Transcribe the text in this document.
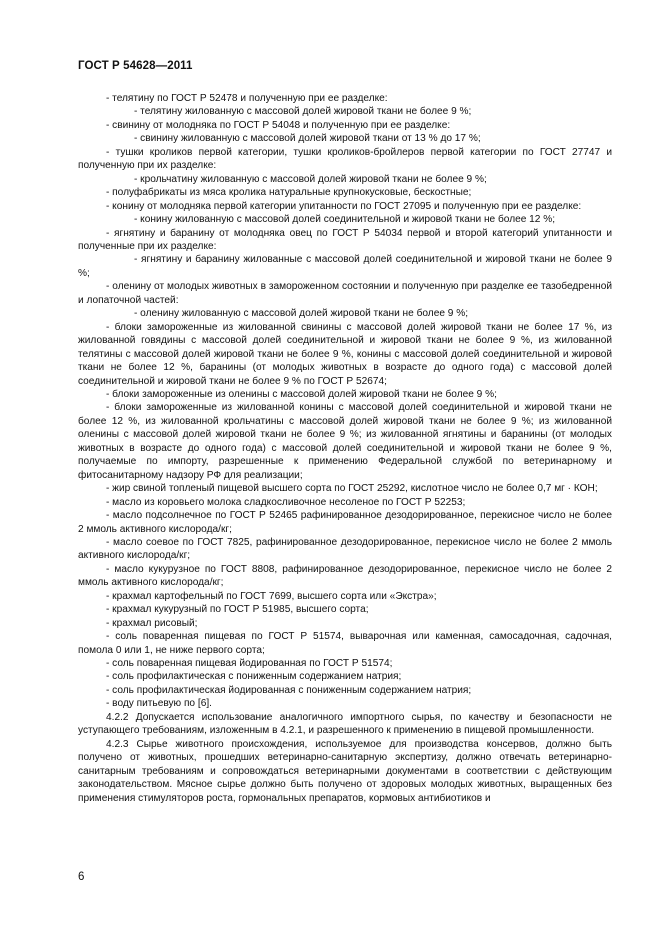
ГОСТ Р 54628—2011

- телятину по ГОСТ Р 52478 и полученную при ее разделке:

- телятину жилованную с массовой долей жировой ткани не более 9 %;

- свинину от молодняка по ГОСТ Р 54048 и полученную при ее разделке:

- свинину жилованную с массовой долей жировой ткани от 13 % до 17 %;

- тушки кроликов первой категории, тушки кроликов-бройлеров первой категории по ГОСТ 27747 и полученную при их разделке:

- крольчатину жилованную с массовой долей жировой ткани не более 9 %;

- полуфабрикаты из мяса кролика натуральные крупнокусковые, бескостные;

- конину от молодняка первой категории упитанности по ГОСТ 27095 и полученную при ее разделке:

- конину жилованную с массовой долей соединительной и жировой ткани не более 12 %;

- ягнятину и баранину от молодняка овец по ГОСТ Р 54034 первой и второй категорий упитанности и полученные при их разделке:

- ягнятину и баранину жилованные с массовой долей соединительной и жировой ткани не более 9 %;

- оленину от молодых животных в замороженном состоянии и полученную при разделке ее тазобедренной и лопаточной частей:

- оленину жилованную с массовой долей жировой ткани не более 9 %;

- блоки замороженные из жилованной свинины с массовой долей жировой ткани не более 17 %, из жилованной говядины с массовой долей соединительной и жировой ткани не более 9 %, из жилованной телятины с массовой долей жировой ткани не более 9 %, конины с массовой долей соединительной и жировой ткани не более 12 %, баранины (от молодых животных в возрасте до одного года) с массовой долей соединительной и жировой ткани не более 9 % по ГОСТ Р 52674;

- блоки замороженные из оленины с массовой долей жировой ткани не более 9 %;

- блоки замороженные из жилованной конины с массовой долей соединительной и жировой ткани не более 12 %, из жилованной крольчатины с массовой долей жировой ткани не более 9 %; из жилованной оленины с массовой долей жировой ткани не более 9 %; из жилованной ягнятины и баранины (от молодых животных в возрасте до одного года) с массовой долей соединительной и жировой ткани не более 9 %, получаемые по импорту, разрешенные к применению Федеральной службой по ветеринарному и фитосанитарному надзору РФ для реализации;

- жир свиной топленый пищевой высшего сорта по ГОСТ 25292, кислотное число не более 0,7 мг · КОН;

- масло из коровьего молока сладкосливочное несоленое по ГОСТ Р 52253;

- масло подсолнечное по ГОСТ Р 52465 рафинированное дезодорированное, перекисное число не более 2 ммоль активного кислорода/кг;

- масло соевое по ГОСТ 7825, рафинированное дезодорированное, перекисное число не более 2 ммоль активного кислорода/кг;

- масло кукурузное по ГОСТ 8808, рафинированное дезодорированное, перекисное число не более 2 ммоль активного кислорода/кг;

- крахмал картофельный по ГОСТ 7699, высшего сорта или «Экстра»;

- крахмал кукурузный по ГОСТ Р 51985, высшего сорта;

- крахмал рисовый;

- соль поваренная пищевая по ГОСТ Р 51574, выварочная или каменная, самосадочная, садочная, помола 0 или 1, не ниже первого сорта;

- соль поваренная пищевая йодированная по ГОСТ Р 51574;

- соль профилактическая с пониженным содержанием натрия;

- соль профилактическая йодированная с пониженным содержанием натрия;

- воду питьевую по [6].

4.2.2 Допускается использование аналогичного импортного сырья, по качеству и безопасности не уступающего требованиям, изложенным в 4.2.1, и разрешенного к применению в пищевой промышленности.

4.2.3 Сырье животного происхождения, используемое для производства консервов, должно быть получено от животных, прошедших ветеринарно-санитарную экспертизу, должно отвечать ветеринарно-санитарным требованиям и сопровождаться ветеринарными документами в соответствии с действующим законодательством. Мясное сырье должно быть получено от здоровых молодых животных, выращенных без применения стимуляторов роста, гормональных препаратов, кормовых антибиотиков и

6
